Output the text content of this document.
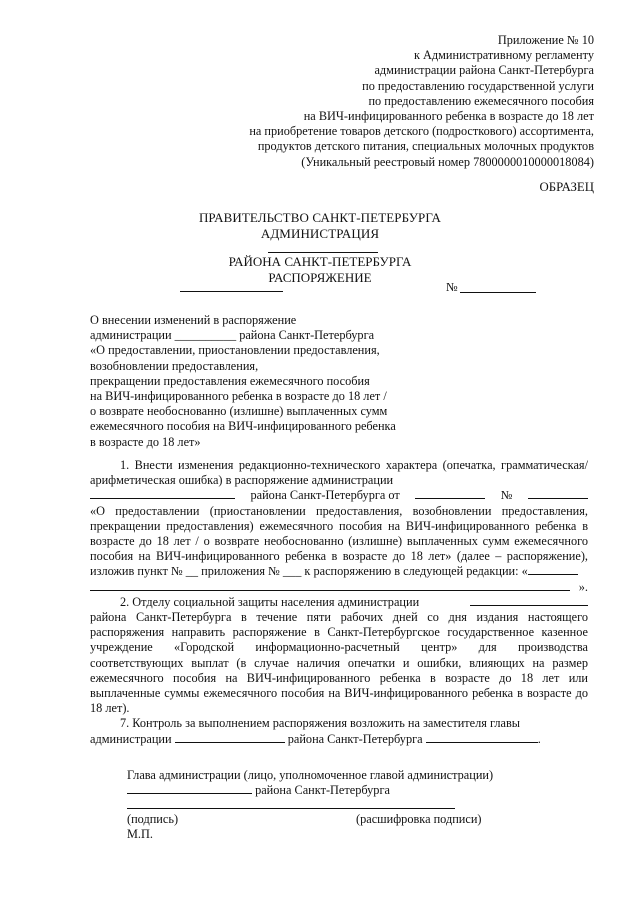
Приложение № 10
к Административному регламенту
администрации района Санкт-Петербурга
по предоставлению государственной услуги
по предоставлению ежемесячного пособия
на ВИЧ-инфицированного ребенка в возрасте до 18 лет
на приобретение товаров детского (подросткового) ассортимента,
продуктов детского питания, специальных молочных продуктов
(Уникальный реестровый номер 7800000010000018084)
ОБРАЗЕЦ
ПРАВИТЕЛЬСТВО САНКТ-ПЕТЕРБУРГА
АДМИНИСТРАЦИЯ
РАЙОНА САНКТ-ПЕТЕРБУРГА
РАСПОРЯЖЕНИЕ
№
О внесении изменений в распоряжение
администрации __________ района Санкт-Петербурга
«О предоставлении, приостановлении предоставления,
возобновлении предоставления,
прекращении предоставления ежемесячного пособия
на ВИЧ-инфицированного ребенка в возрасте до 18 лет /
о возврате необоснованно (излишне) выплаченных сумм
ежемесячного пособия на ВИЧ-инфицированного ребенка
в возрасте до 18 лет»

1. Внести изменения редакционно-технического характера (опечатка, грамматическая/арифметическая ошибка) в распоряжение администрации

района Санкт-Петербурга от	№

«О предоставлении (приостановлении предоставления, возобновлении предоставления, прекращении предоставления) ежемесячного пособия на ВИЧ-инфицированного ребенка в возрасте до 18 лет / о возврате необоснованно (излишне) выплаченных сумм ежемесячного пособия на ВИЧ-инфицированного ребенка в возрасте до 18 лет» (далее – распоряжение), изложив пункт № __ приложения № ___ к распоряжению в следующей редакции: «

».
2. Отделу социальной защиты населения администрации

района Санкт-Петербурга в течение пяти рабочих дней со дня издания настоящего распоряжения направить распоряжение в Санкт-Петербургское государственное казенное учреждение «Городской информационно-расчетный центр» для производства соответствующих выплат (в случае наличия опечатки и ошибки, влияющих на размер ежемесячного пособия на ВИЧ-инфицированного ребенка в возрасте до 18 лет или выплаченные суммы ежемесячного пособия на ВИЧ-инфицированного ребенка в возрасте до 18 лет).

7. Контроль за выполнением распоряжения возложить на заместителя главы

администрации	района Санкт-Петербурга	.
Глава администрации (лицо, уполномоченное главой администрации)
района Санкт-Петербурга
(подпись)	(расшифровка подписи)
М.П.
